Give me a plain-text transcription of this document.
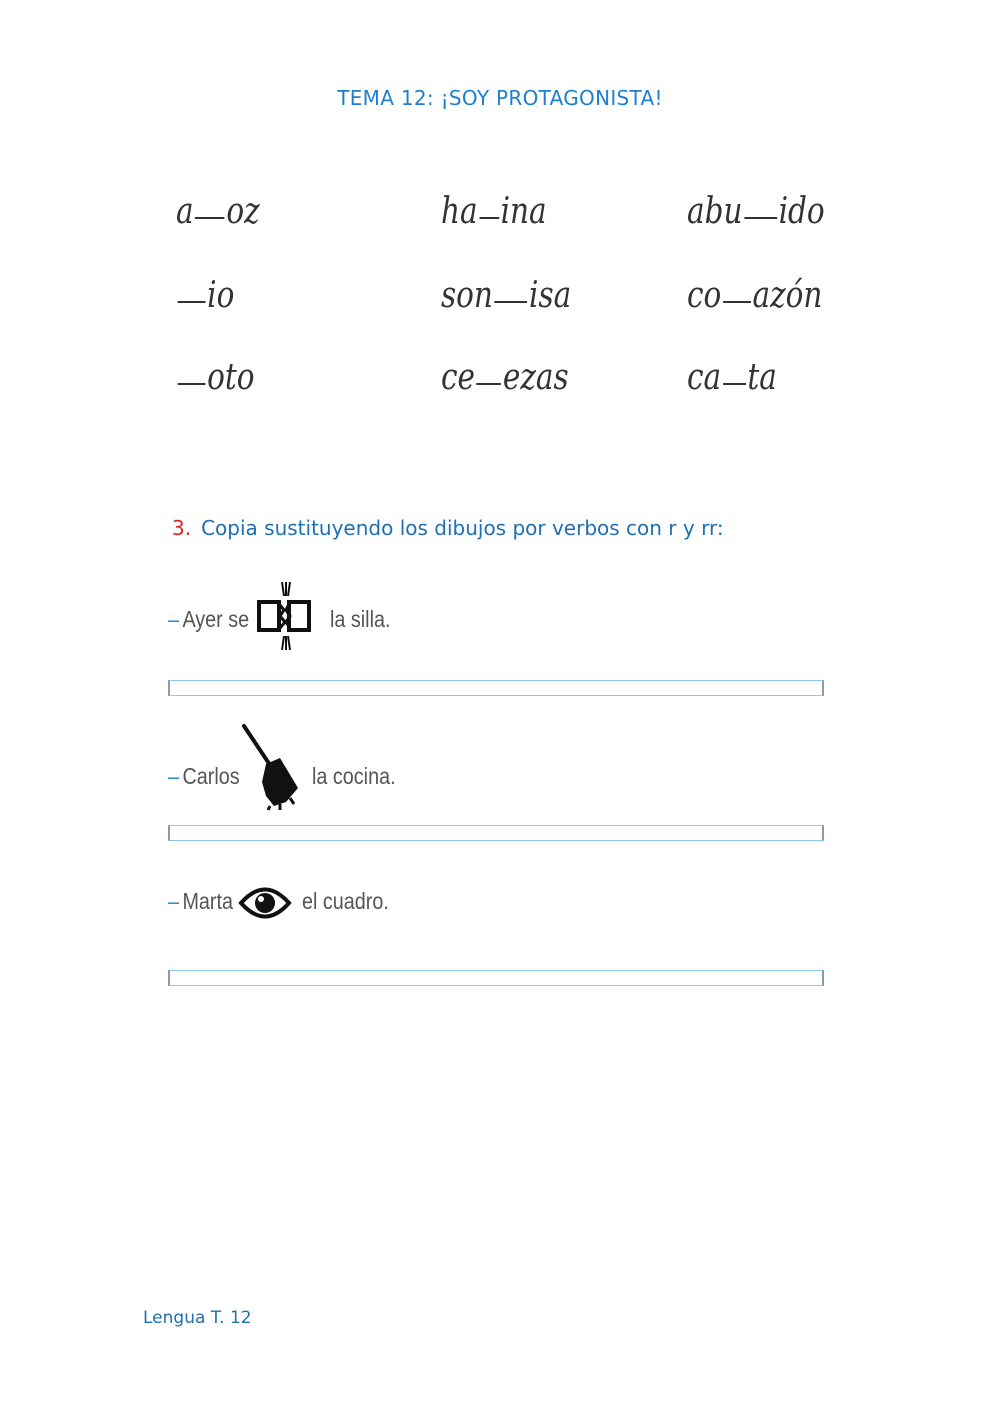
TEMA 12: ¡SOY PROTAGONISTA!
a oz	ha ina	abu ido
io	son isa	co azón
oto	ce ezas	ca ta
3. Copia sustituyendo los dibujos por verbos con r y rr:
– Ayer se	la silla.
– Carlos	la cocina.
– Marta	el cuadro.
Lengua T. 12
